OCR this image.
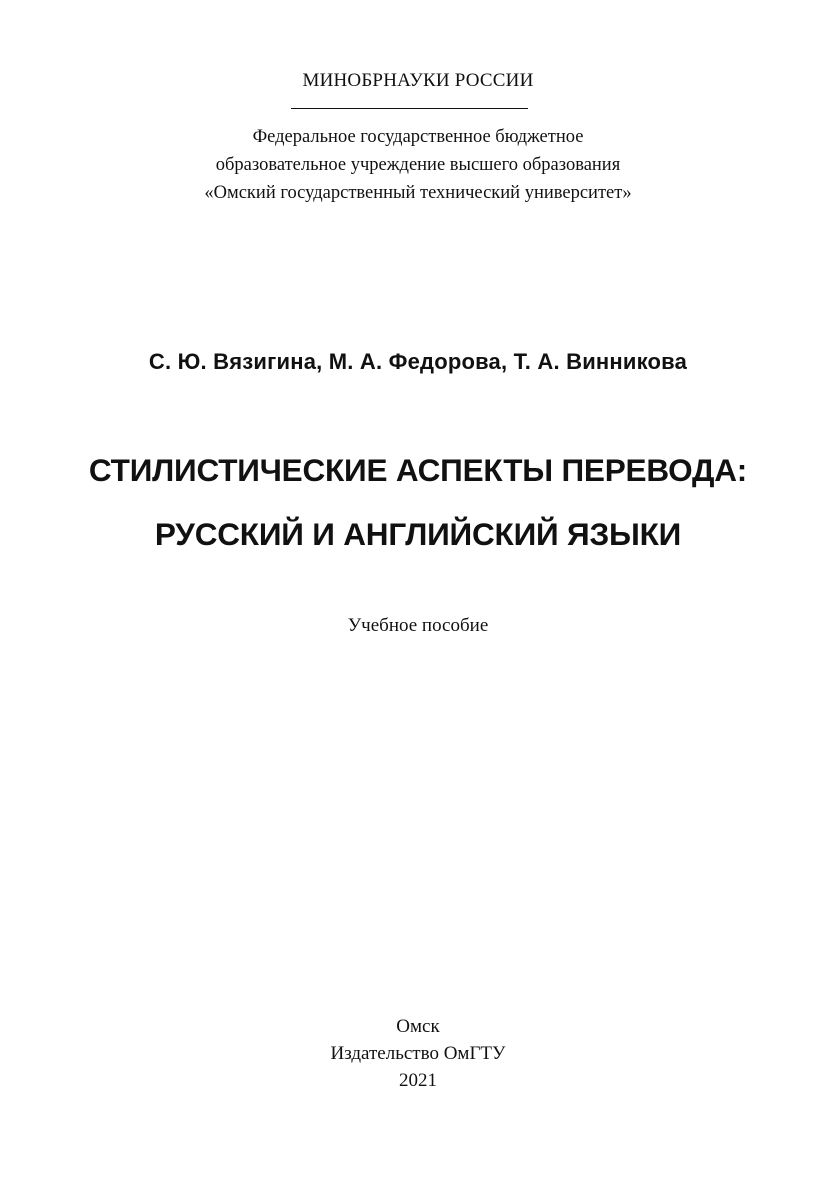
МИНОБРНАУКИ РОССИИ
Федеральное государственное бюджетное
образовательное учреждение высшего образования
«Омский государственный технический университет»
С. Ю. Вязигина, М. А. Федорова, Т. А. Винникова
СТИЛИСТИЧЕСКИЕ АСПЕКТЫ ПЕРЕВОДА:
РУССКИЙ И АНГЛИЙСКИЙ ЯЗЫКИ
Учебное пособие
Омск
Издательство ОмГТУ
2021
